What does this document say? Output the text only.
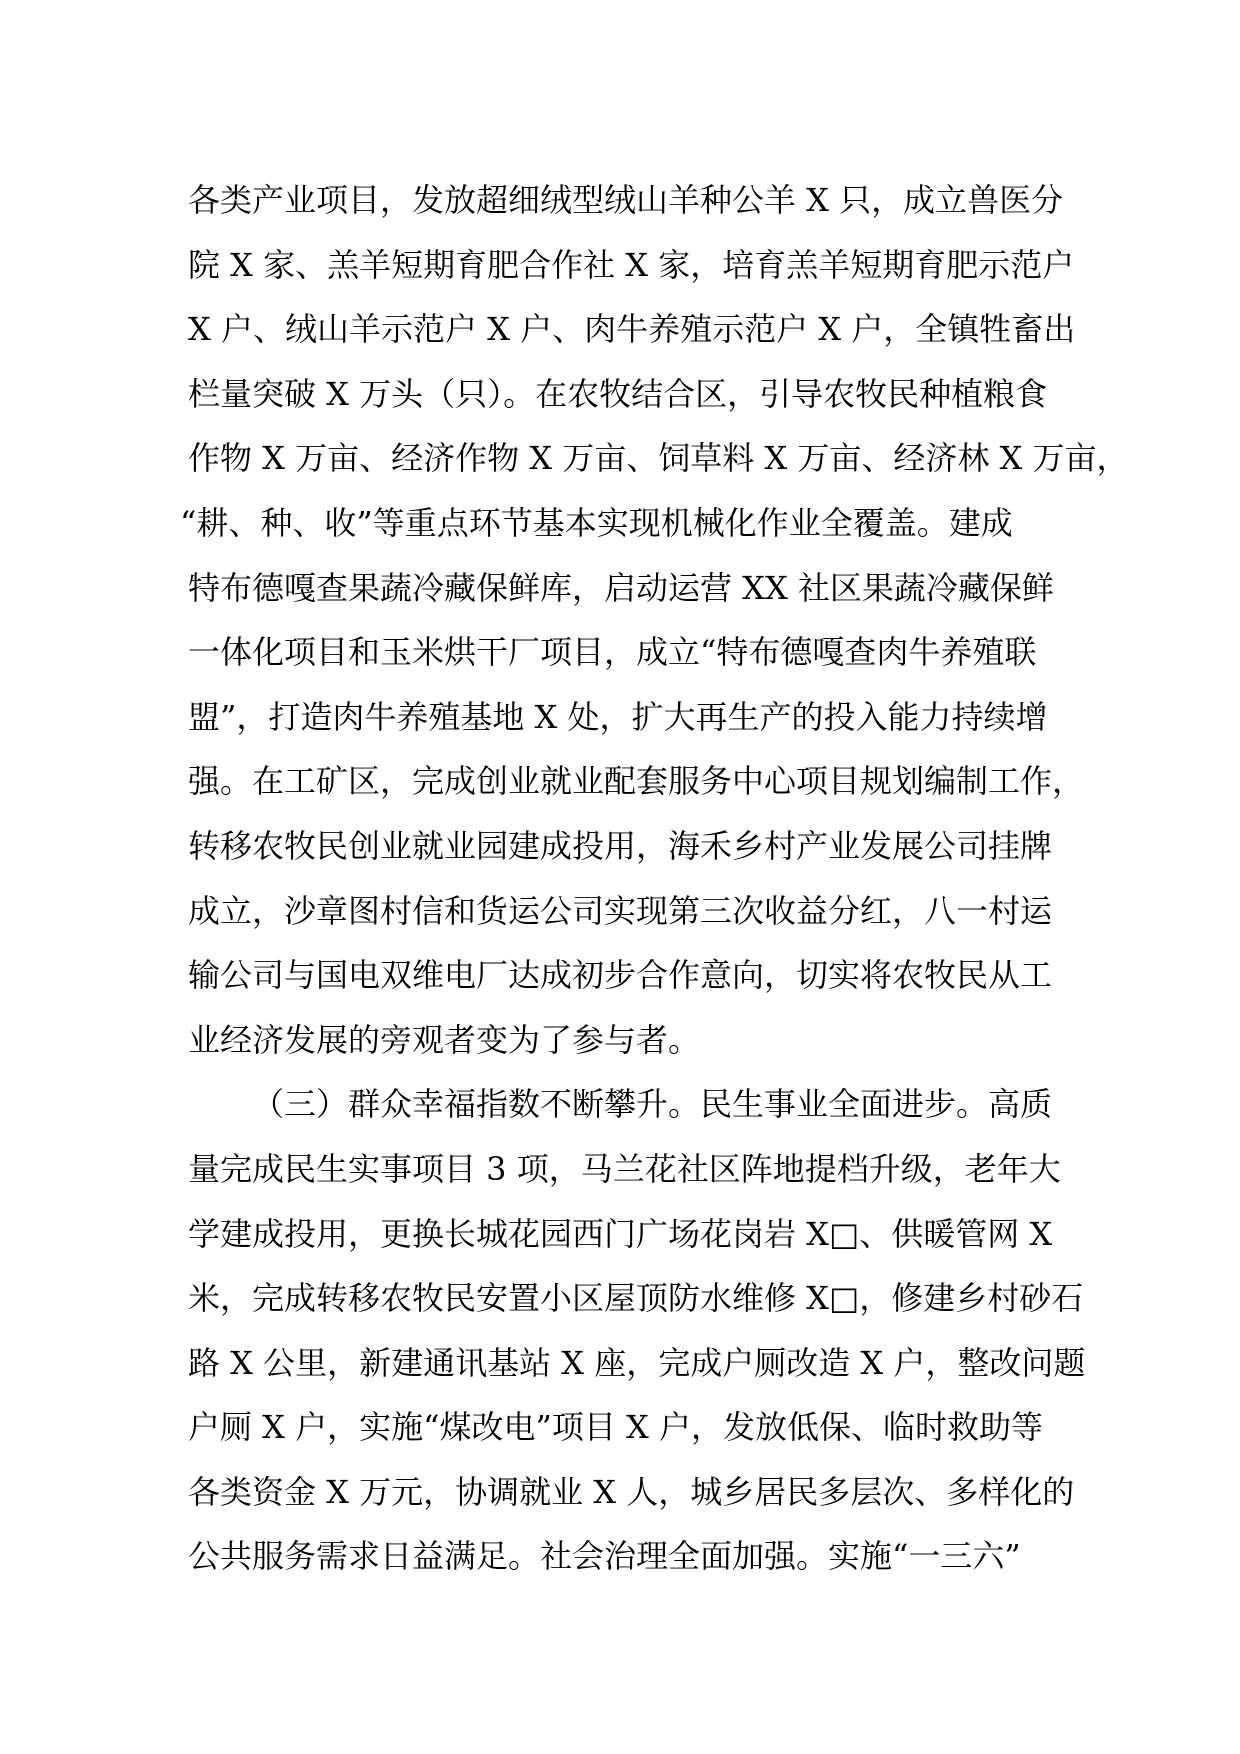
各类产业项目，发放超细绒型绒山羊种公羊 X 只，成立兽医分
院 X 家、羔羊短期育肥合作社 X 家，培育羔羊短期育肥示范户
X 户、绒山羊示范户 X 户、肉牛养殖示范户 X 户，全镇牲畜出
栏量突破 X 万头（只）。在农牧结合区，引导农牧民种植粮食
作物 X 万亩、经济作物 X 万亩、饲草料 X 万亩、经济林 X 万亩，
“耕、种、收”等重点环节基本实现机械化作业全覆盖。建成
特布德嘎查果蔬冷藏保鲜库，启动运营 XX 社区果蔬冷藏保鲜
一体化项目和玉米烘干厂项目，成立“特布德嘎查肉牛养殖联
盟”，打造肉牛养殖基地 X 处，扩大再生产的投入能力持续增
强。在工矿区，完成创业就业配套服务中心项目规划编制工作，
转移农牧民创业就业园建成投用，海禾乡村产业发展公司挂牌
成立，沙章图村信和货运公司实现第三次收益分红，八一村运
输公司与国电双维电厂达成初步合作意向，切实将农牧民从工
业经济发展的旁观者变为了参与者。
（三）群众幸福指数不断攀升。民生事业全面进步。高质
量完成民生实事项目 3 项，马兰花社区阵地提档升级，老年大
学建成投用，更换长城花园西门广场花岗岩 X□、供暖管网 X
米，完成转移农牧民安置小区屋顶防水维修 X□，修建乡村砂石
路 X 公里，新建通讯基站 X 座，完成户厕改造 X 户，整改问题
户厕 X 户，实施“煤改电”项目 X 户，发放低保、临时救助等
各类资金 X 万元，协调就业 X 人，城乡居民多层次、多样化的
公共服务需求日益满足。社会治理全面加强。实施“一三六”
